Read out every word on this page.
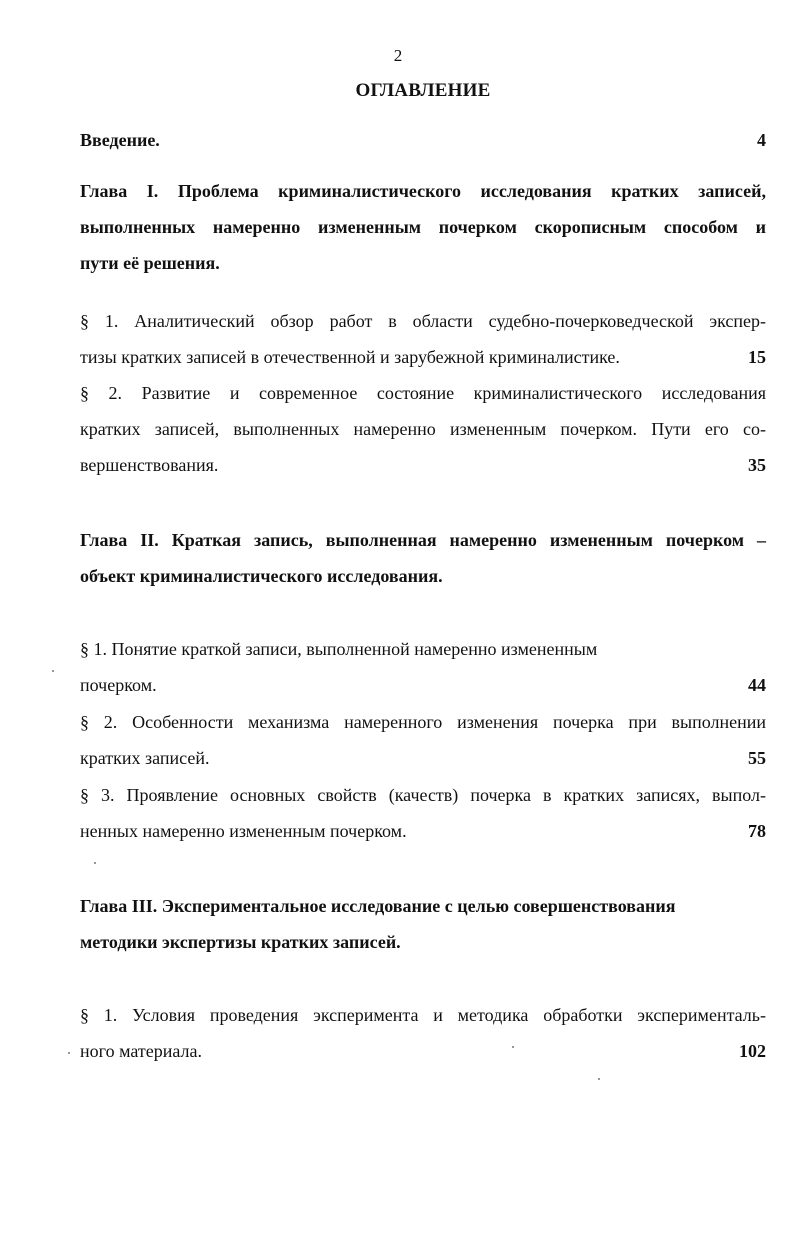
2
ОГЛАВЛЕНИЕ
Введение.	4
Глава I. Проблема криминалистического исследования кратких записей,
выполненных намеренно измененным почерком скорописным способом и
пути её решения.
§ 1. Аналитический обзор работ в области судебно-почерковедческой экспер-
тизы кратких записей в отечественной и зарубежной криминалистике.	15
§ 2. Развитие и современное состояние криминалистического исследования
кратких записей, выполненных намеренно измененным почерком. Пути его со-
вершенствования.	35
Глава II. Краткая запись, выполненная намеренно измененным почерком –
объект криминалистического исследования.
§ 1. Понятие краткой записи, выполненной намеренно измененным
почерком.	44
§ 2. Особенности механизма намеренного изменения почерка при выполнении
кратких записей.	55
§ 3. Проявление основных свойств (качеств) почерка в кратких записях, выпол-
ненных намеренно измененным почерком.	78
Глава III. Экспериментальное исследование с целью совершенствования
методики экспертизы кратких записей.
§ 1. Условия проведения эксперимента и методика обработки эксперименталь-
ного материала.	102
